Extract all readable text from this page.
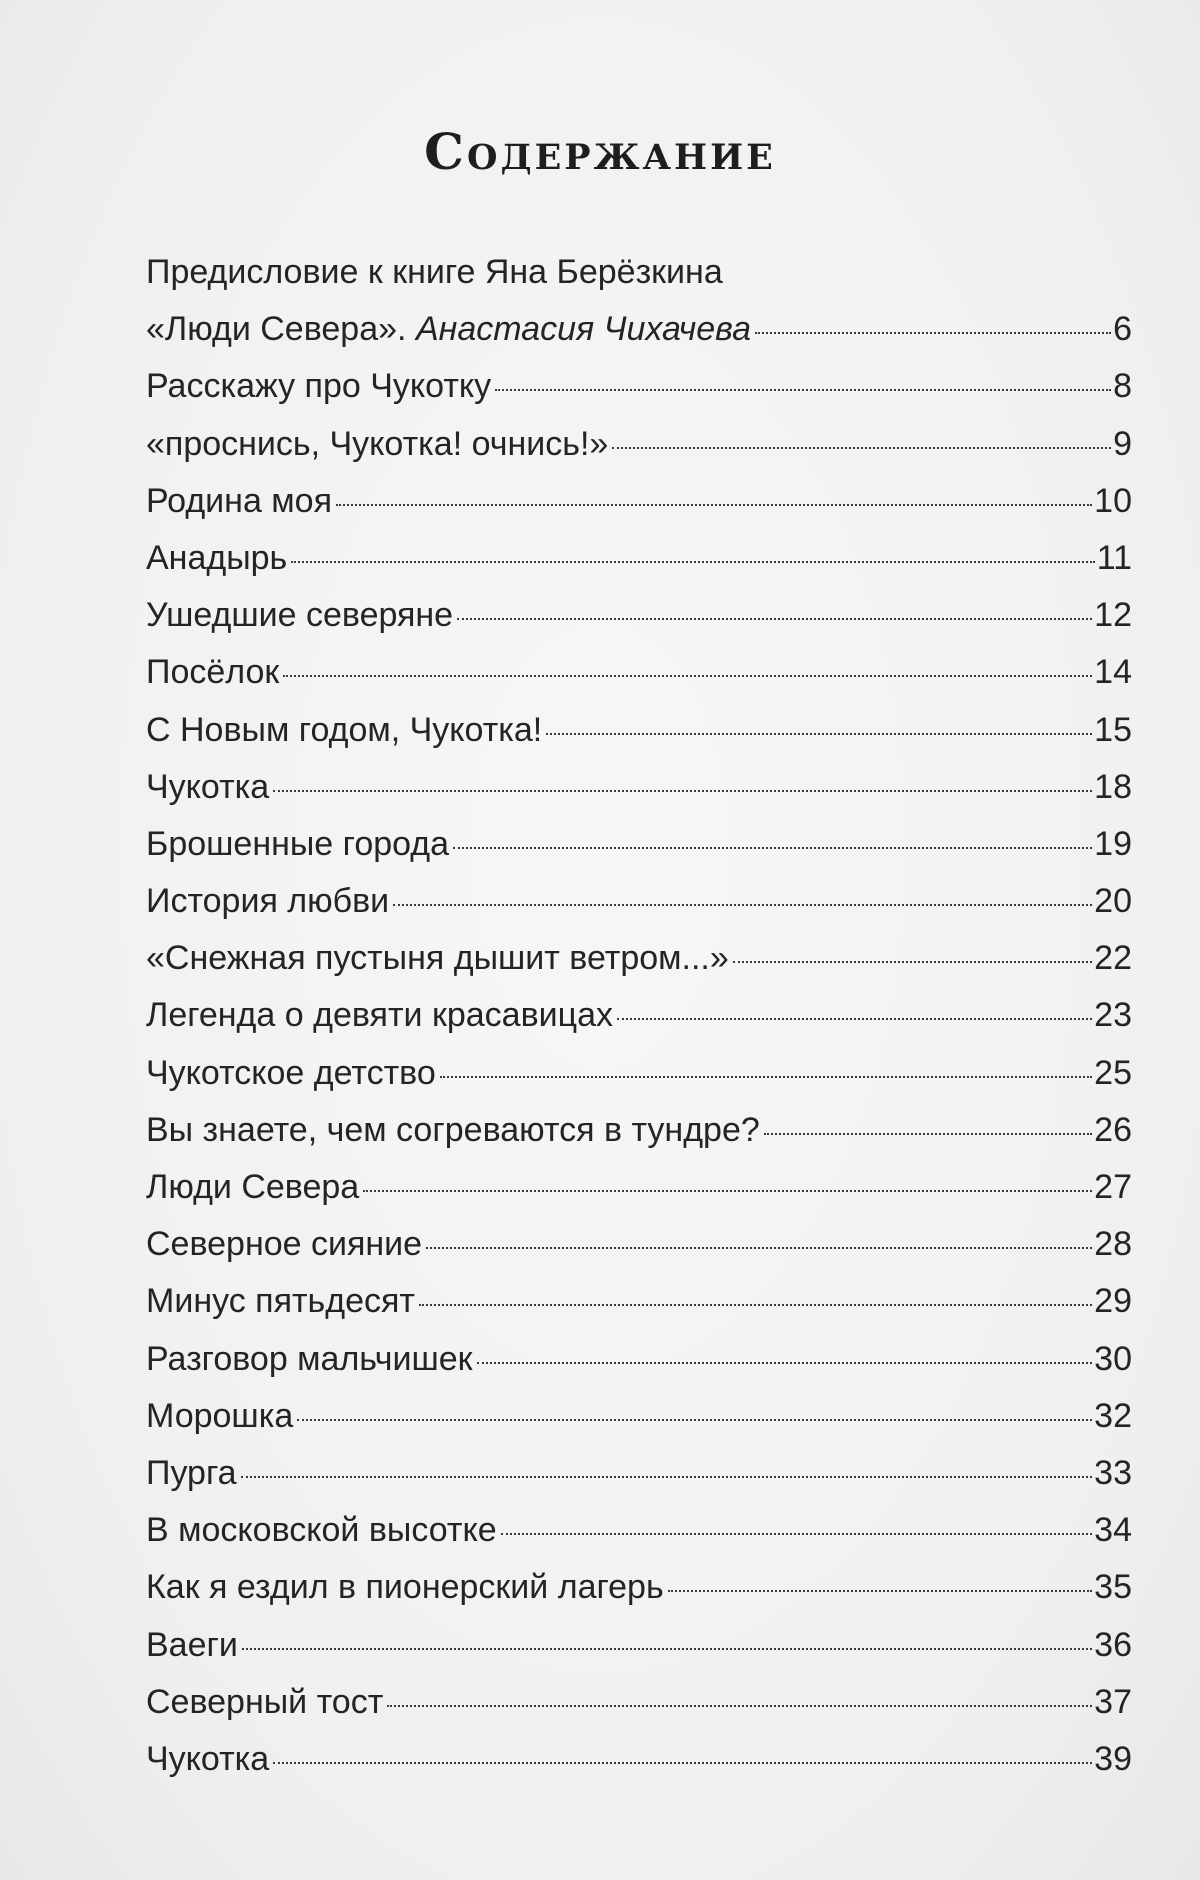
Содержание
Предисловие к книге Яна Берёзкина
«Люди Севера». Анастасия Чихачева	6
Расскажу про Чукотку	8
«проснись, Чукотка! очнись!»	9
Родина моя	10
Анадырь	11
Ушедшие северяне	12
Посёлок	14
С Новым годом, Чукотка!	15
Чукотка	18
Брошенные города	19
История любви	20
«Снежная пустыня дышит ветром...»	22
Легенда о девяти красавицах	23
Чукотское детство	25
Вы знаете, чем согреваются в тундре?	26
Люди Севера	27
Северное сияние	28
Минус пятьдесят	29
Разговор мальчишек	30
Морошка	32
Пурга	33
В московской высотке	34
Как я ездил в пионерский лагерь	35
Ваеги	36
Северный тост	37
Чукотка	39
